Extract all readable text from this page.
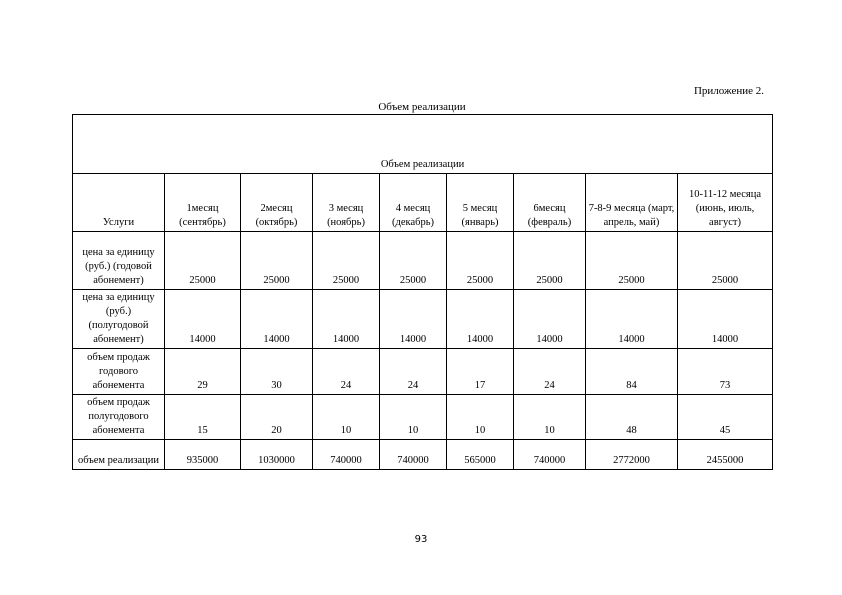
Приложение 2.
Объем реализации
Объем реализации								
Услуги	1месяц (сентябрь)	2месяц (октябрь)	3 месяц (ноябрь)	4 месяц (декабрь)	5 месяц (январь)	6месяц (февраль)	7-8-9 месяца (март, апрель, май)	10-11-12 месяца (июнь, июль, август)
цена за единицу (руб.) (годовой абонемент)	25000	25000	25000	25000	25000	25000	25000	25000
цена за единицу (руб.) (полугодовой абонемент)	14000	14000	14000	14000	14000	14000	14000	14000
объем продаж годового абонемента	29	30	24	24	17	24	84	73
объем продаж полугодового абонемента	15	20	10	10	10	10	48	45
объем реализации	935000	1030000	740000	740000	565000	740000	2772000	2455000
93
